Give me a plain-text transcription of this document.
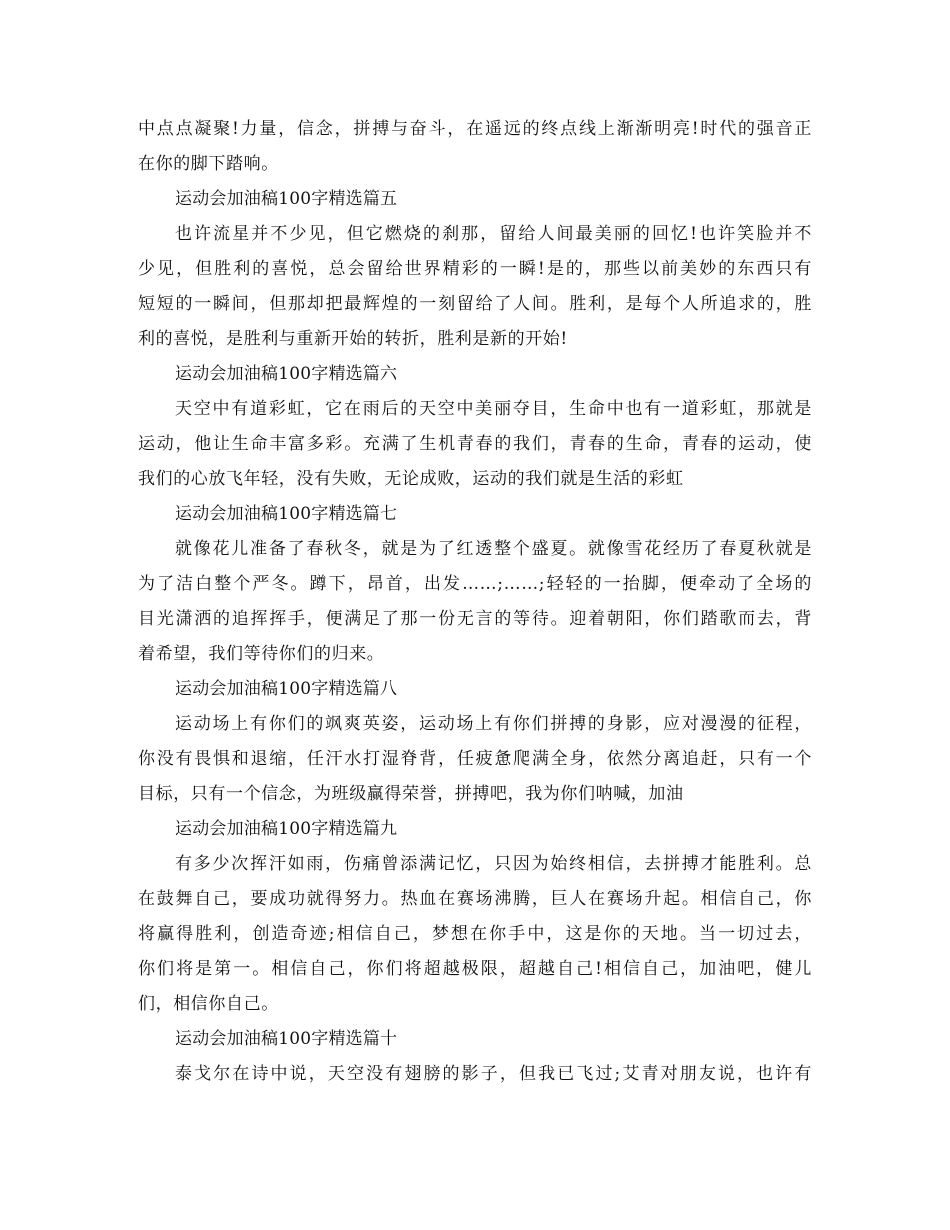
中点点凝聚!力量，信念，拼搏与奋斗，在遥远的终点线上渐渐明亮!时代的强音正
在你的脚下踏响。
运动会加油稿100字精选篇五
也许流星并不少见，但它燃烧的刹那，留给人间最美丽的回忆!也许笑脸并不
少见，但胜利的喜悦，总会留给世界精彩的一瞬!是的，那些以前美妙的东西只有
短短的一瞬间，但那却把最辉煌的一刻留给了人间。胜利，是每个人所追求的，胜
利的喜悦，是胜利与重新开始的转折，胜利是新的开始!
运动会加油稿100字精选篇六
天空中有道彩虹，它在雨后的天空中美丽夺目，生命中也有一道彩虹，那就是
运动，他让生命丰富多彩。充满了生机青春的我们，青春的生命，青春的运动，使
我们的心放飞年轻，没有失败，无论成败，运动的我们就是生活的彩虹
运动会加油稿100字精选篇七
就像花儿准备了春秋冬，就是为了红透整个盛夏。就像雪花经历了春夏秋就是
为了洁白整个严冬。蹲下，昂首，出发……;……;轻轻的一抬脚，便牵动了全场的
目光潇洒的追挥挥手，便满足了那一份无言的等待。迎着朝阳，你们踏歌而去，背
着希望，我们等待你们的归来。
运动会加油稿100字精选篇八
运动场上有你们的飒爽英姿，运动场上有你们拼搏的身影，应对漫漫的征程，
你没有畏惧和退缩，任汗水打湿脊背，任疲惫爬满全身，依然分离追赶，只有一个
目标，只有一个信念，为班级赢得荣誉，拼搏吧，我为你们呐喊，加油
运动会加油稿100字精选篇九
有多少次挥汗如雨，伤痛曾添满记忆，只因为始终相信，去拼搏才能胜利。总
在鼓舞自己，要成功就得努力。热血在赛场沸腾，巨人在赛场升起。相信自己，你
将赢得胜利，创造奇迹;相信自己，梦想在你手中，这是你的天地。当一切过去，
你们将是第一。相信自己，你们将超越极限，超越自己!相信自己，加油吧，健儿
们，相信你自己。
运动会加油稿100字精选篇十
泰戈尔在诗中说，天空没有翅膀的影子，但我已飞过;艾青对朋友说，也许有
